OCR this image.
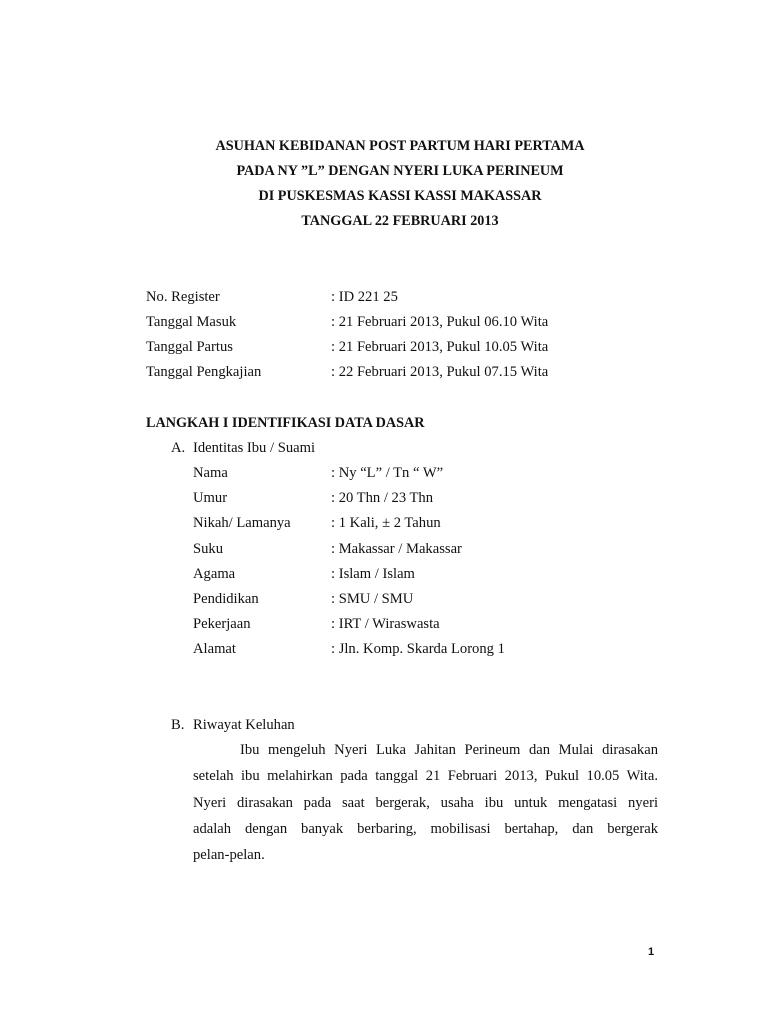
ASUHAN KEBIDANAN POST PARTUM HARI PERTAMA
PADA NY ”L” DENGAN NYERI LUKA PERINEUM
DI PUSKESMAS KASSI KASSI MAKASSAR
TANGGAL 22 FEBRUARI 2013
No. Register	: ID 221 25
Tanggal Masuk	: 21 Februari 2013, Pukul 06.10 Wita
Tanggal Partus	: 21 Februari 2013, Pukul 10.05 Wita
Tanggal Pengkajian	: 22 Februari 2013, Pukul 07.15 Wita
LANGKAH I IDENTIFIKASI DATA DASAR
A. Identitas Ibu / Suami
Nama	: Ny “L” / Tn “ W”
Umur	: 20 Thn / 23 Thn
Nikah/ Lamanya	: 1 Kali, ± 2 Tahun
Suku	: Makassar / Makassar
Agama	: Islam / Islam
Pendidikan	: SMU / SMU
Pekerjaan	: IRT / Wiraswasta
Alamat	: Jln. Komp. Skarda Lorong 1
B. Riwayat Keluhan
Ibu mengeluh Nyeri Luka Jahitan Perineum dan Mulai dirasakan
setelah ibu melahirkan pada tanggal 21 Februari 2013, Pukul 10.05 Wita.
Nyeri dirasakan pada saat bergerak, usaha ibu untuk mengatasi nyeri
adalah dengan banyak berbaring, mobilisasi bertahap, dan bergerak
pelan-pelan.
1
